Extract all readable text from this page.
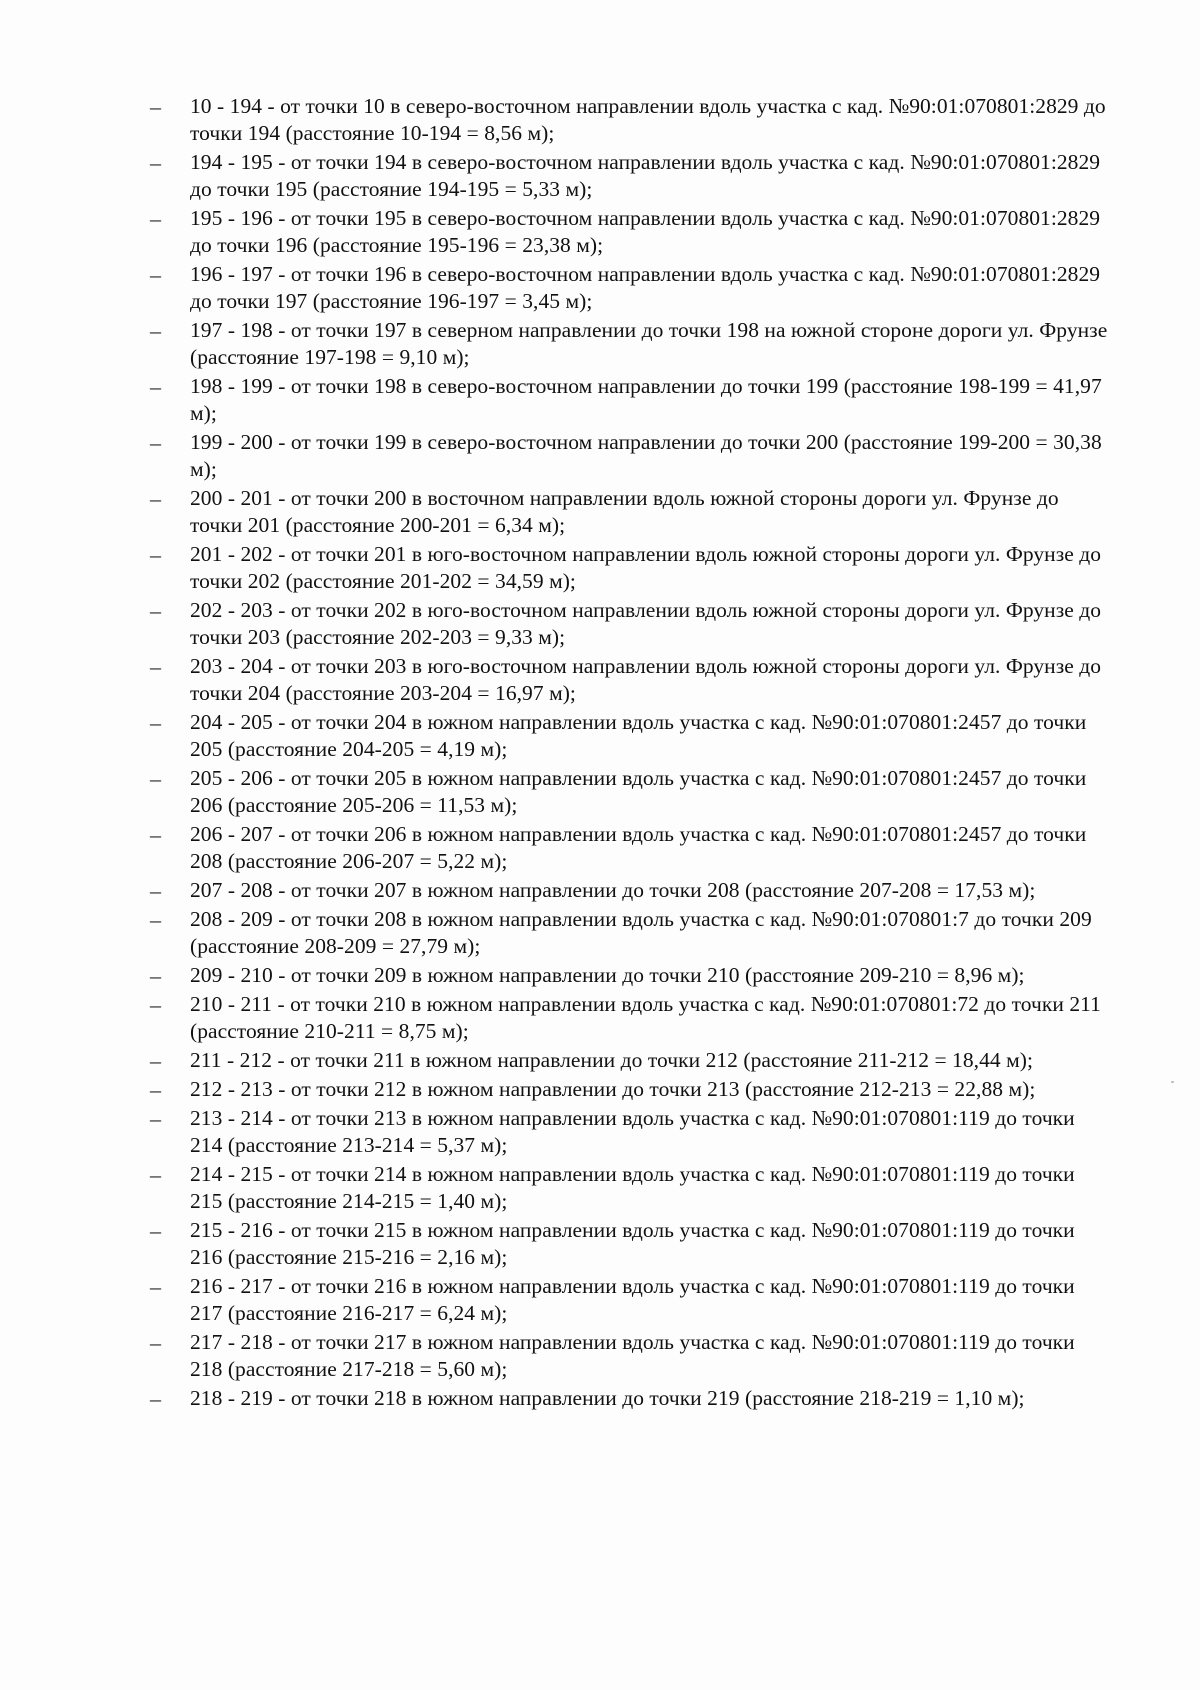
–	10 - 194 - от точки 10 в северо-восточном направлении вдоль участка с кад. №90:01:070801:2829 до точки 194 (расстояние 10-194 = 8,56 м);
–	194 - 195 - от точки 194 в северо-восточном направлении вдоль участка с кад. №90:01:070801:2829 до точки 195 (расстояние 194-195 = 5,33 м);
–	195 - 196 - от точки 195 в северо-восточном направлении вдоль участка с кад. №90:01:070801:2829 до точки 196 (расстояние 195-196 = 23,38 м);
–	196 - 197 - от точки 196 в северо-восточном направлении вдоль участка с кад. №90:01:070801:2829 до точки 197 (расстояние 196-197 = 3,45 м);
–	197 - 198 - от точки 197 в северном направлении до точки 198 на южной стороне дороги ул. Фрунзе (расстояние 197-198 = 9,10 м);
–	198 - 199 - от точки 198 в северо-восточном направлении до точки 199 (расстояние 198-199 = 41,97 м);
–	199 - 200 - от точки 199 в северо-восточном направлении до точки 200 (расстояние 199-200 = 30,38 м);
–	200 - 201 - от точки 200 в восточном направлении вдоль южной стороны дороги ул. Фрунзе до точки 201 (расстояние 200-201 = 6,34 м);
–	201 - 202 - от точки 201 в юго-восточном направлении вдоль южной стороны дороги ул. Фрунзе до точки 202 (расстояние 201-202 = 34,59 м);
–	202 - 203 - от точки 202 в юго-восточном направлении вдоль южной стороны дороги ул. Фрунзе до точки 203 (расстояние 202-203 = 9,33 м);
–	203 - 204 - от точки 203 в юго-восточном направлении вдоль южной стороны дороги ул. Фрунзе до точки 204 (расстояние 203-204 = 16,97 м);
–	204 - 205 - от точки 204 в южном направлении вдоль участка с кад. №90:01:070801:2457 до точки 205 (расстояние 204-205 = 4,19 м);
–	205 - 206 - от точки 205 в южном направлении вдоль участка с кад. №90:01:070801:2457 до точки 206 (расстояние 205-206 = 11,53 м);
–	206 - 207 - от точки 206 в южном направлении вдоль участка с кад. №90:01:070801:2457 до точки 208 (расстояние 206-207 = 5,22 м);
–	207 - 208 - от точки 207 в южном направлении до точки 208 (расстояние 207-208 = 17,53 м);
–	208 - 209 - от точки 208 в южном направлении вдоль участка с кад. №90:01:070801:7 до точки 209 (расстояние 208-209 = 27,79 м);
–	209 - 210 - от точки 209 в южном направлении до точки 210 (расстояние 209-210 = 8,96 м);
–	210 - 211 - от точки 210 в южном направлении вдоль участка с кад. №90:01:070801:72 до точки 211 (расстояние 210-211 = 8,75 м);
–	211 - 212 - от точки 211 в южном направлении до точки 212 (расстояние 211-212 = 18,44 м);
–	212 - 213 - от точки 212 в южном направлении до точки 213 (расстояние 212-213 = 22,88 м);
–	213 - 214 - от точки 213 в южном направлении вдоль участка с кад. №90:01:070801:119 до точки 214 (расстояние 213-214 = 5,37 м);
–	214 - 215 - от точки 214 в южном направлении вдоль участка с кад. №90:01:070801:119 до точки 215 (расстояние 214-215 = 1,40 м);
–	215 - 216 - от точки 215 в южном направлении вдоль участка с кад. №90:01:070801:119 до точки 216 (расстояние 215-216 = 2,16 м);
–	216 - 217 - от точки 216 в южном направлении вдоль участка с кад. №90:01:070801:119 до точки 217 (расстояние 216-217 = 6,24 м);
–	217 - 218 - от точки 217 в южном направлении вдоль участка с кад. №90:01:070801:119 до точки 218 (расстояние 217-218 = 5,60 м);
–	218 - 219 - от точки 218 в южном направлении до точки 219 (расстояние 218-219 = 1,10 м);
